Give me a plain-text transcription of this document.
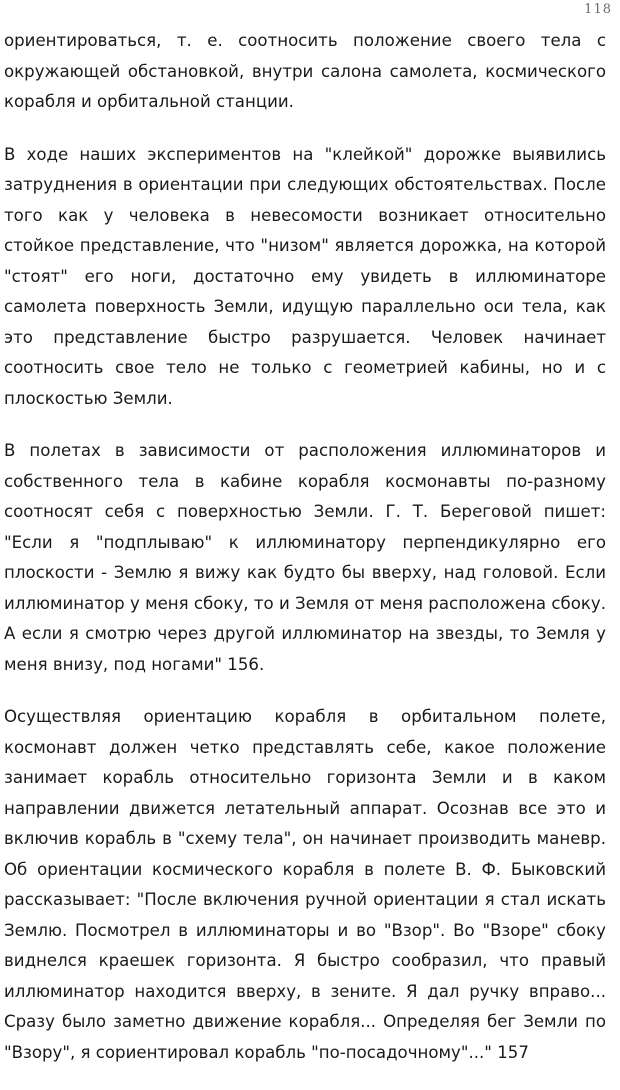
118

ориентироваться, т. е. соотносить положение своего тела с окружающей обстановкой, внутри салона самолета, космического корабля и орбитальной станции.

В ходе наших экспериментов на "клейкой" дорожке выявились затруднения в ориентации при следующих обстоятельствах. После того как у человека в невесомости возникает относительно стойкое представление, что "низом" является дорожка, на которой "стоят" его ноги, достаточно ему увидеть в иллюминаторе самолета поверхность Земли, идущую параллельно оси тела, как это представление быстро разрушается. Человек начинает соотносить свое тело не только с геометрией кабины, но и с плоскостью Земли.

В полетах в зависимости от расположения иллюминаторов и собственного тела в кабине корабля космонавты по-разному соотносят себя с поверхностью Земли. Г. Т. Береговой пишет: "Если я "подплываю" к иллюминатору перпендикулярно его плоскости - Землю я вижу как будто бы вверху, над головой. Если иллюминатор у меня сбоку, то и Земля от меня расположена сбоку. А если я смотрю через другой иллюминатор на звезды, то Земля у меня внизу, под ногами" 156.

Осуществляя ориентацию корабля в орбитальном полете, космонавт должен четко представлять себе, какое положение занимает корабль относительно горизонта Земли и в каком направлении движется летательный аппарат. Осознав все это и включив корабль в "схему тела", он начинает производить маневр. Об ориентации космического корабля в полете В. Ф. Быковский рассказывает: "После включения ручной ориентации я стал искать Землю. Посмотрел в иллюминаторы и во "Взор". Во "Взоре" сбоку виднелся краешек горизонта. Я быстро сообразил, что правый иллюминатор находится вверху, в зените. Я дал ручку вправо... Сразу было заметно движение корабля... Определяя бег Земли по "Взору", я сориентировал корабль "по-посадочному"..." 157
